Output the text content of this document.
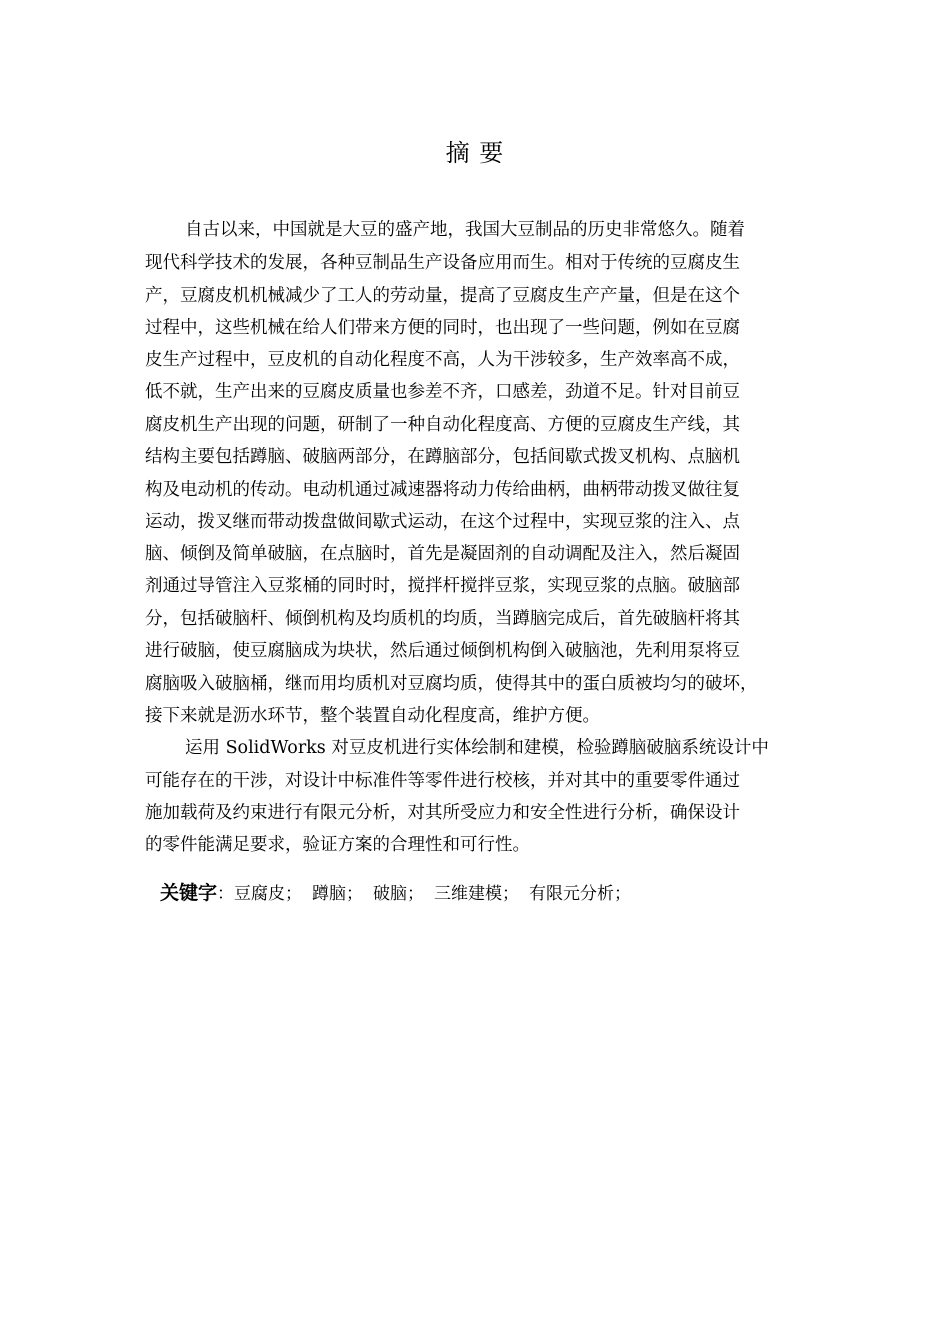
摘 要
自古以来，中国就是大豆的盛产地，我国大豆制品的历史非常悠久。随着
现代科学技术的发展，各种豆制品生产设备应用而生。相对于传统的豆腐皮生
产，豆腐皮机机械减少了工人的劳动量，提高了豆腐皮生产产量，但是在这个
过程中，这些机械在给人们带来方便的同时，也出现了一些问题，例如在豆腐
皮生产过程中，豆皮机的自动化程度不高，人为干涉较多，生产效率高不成，
低不就，生产出来的豆腐皮质量也参差不齐，口感差，劲道不足。针对目前豆
腐皮机生产出现的问题，研制了一种自动化程度高、方便的豆腐皮生产线，其
结构主要包括蹲脑、破脑两部分，在蹲脑部分，包括间歇式拨叉机构、点脑机
构及电动机的传动。电动机通过减速器将动力传给曲柄，曲柄带动拨叉做往复
运动，拨叉继而带动拨盘做间歇式运动，在这个过程中，实现豆浆的注入、点
脑、倾倒及简单破脑，在点脑时，首先是凝固剂的自动调配及注入，然后凝固
剂通过导管注入豆浆桶的同时时，搅拌杆搅拌豆浆，实现豆浆的点脑。破脑部
分，包括破脑杆、倾倒机构及均质机的均质，当蹲脑完成后，首先破脑杆将其
进行破脑，使豆腐脑成为块状，然后通过倾倒机构倒入破脑池，先利用泵将豆
腐脑吸入破脑桶，继而用均质机对豆腐均质，使得其中的蛋白质被均匀的破坏，
接下来就是沥水环节，整个装置自动化程度高，维护方便。
运用 SolidWorks 对豆皮机进行实体绘制和建模，检验蹲脑破脑系统设计中
可能存在的干涉，对设计中标准件等零件进行校核，并对其中的重要零件通过
施加载荷及约束进行有限元分析，对其所受应力和安全性进行分析，确保设计
的零件能满足要求，验证方案的合理性和可行性。
关键字：豆腐皮； 蹲脑； 破脑； 三维建模； 有限元分析；
